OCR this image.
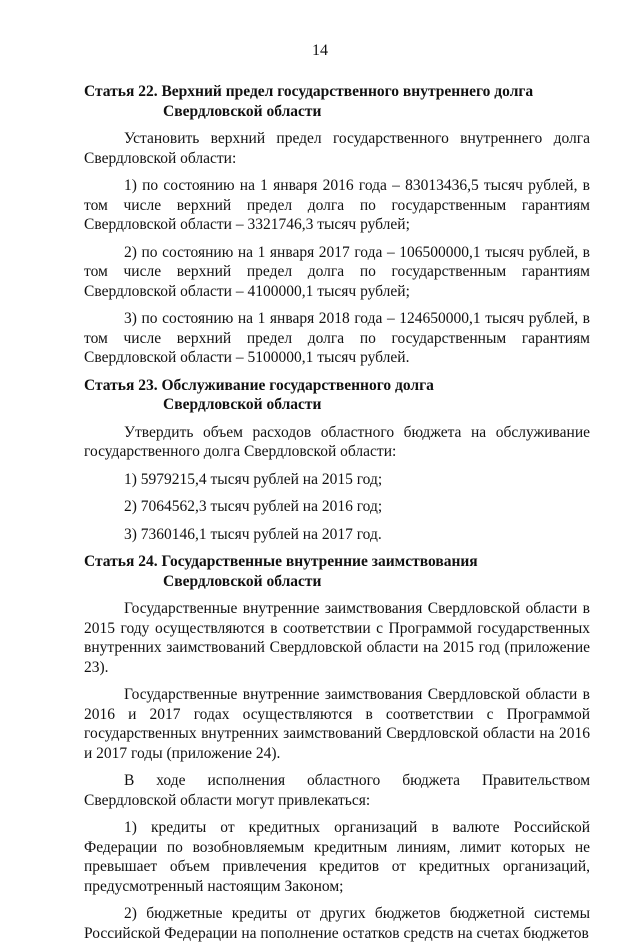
14

Статья 22. Верхний предел государственного внутреннего долга
Свердловской области

Установить верхний предел государственного внутреннего долга Свердловской области:

1) по состоянию на 1 января 2016 года – 83013436,5 тысяч рублей, в том числе верхний предел долга по государственным гарантиям Свердловской области – 3321746,3 тысяч рублей;

2) по состоянию на 1 января 2017 года – 106500000,1 тысяч рублей, в том числе верхний предел долга по государственным гарантиям Свердловской области – 4100000,1 тысяч рублей;

3) по состоянию на 1 января 2018 года – 124650000,1 тысяч рублей, в том числе верхний предел долга по государственным гарантиям Свердловской области – 5100000,1 тысяч рублей.

Статья 23. Обслуживание государственного долга
Свердловской области

Утвердить объем расходов областного бюджета на обслуживание государственного долга Свердловской области:

1) 5979215,4 тысяч рублей на 2015 год;

2) 7064562,3 тысяч рублей на 2016 год;

3) 7360146,1 тысяч рублей на 2017 год.

Статья 24. Государственные внутренние заимствования
Свердловской области

Государственные внутренние заимствования Свердловской области в 2015 году осуществляются в соответствии с Программой государственных внутренних заимствований Свердловской области на 2015 год (приложение 23).

Государственные внутренние заимствования Свердловской области в 2016 и 2017 годах осуществляются в соответствии с Программой государственных внутренних заимствований Свердловской области на 2016 и 2017 годы (приложение 24).

В ходе исполнения областного бюджета Правительством Свердловской области могут привлекаться:

1) кредиты от кредитных организаций в валюте Российской Федерации по возобновляемым кредитным линиям, лимит которых не превышает объем привлечения кредитов от кредитных организаций, предусмотренный настоящим Законом;

2) бюджетные кредиты от других бюджетов бюджетной системы Российской Федерации на пополнение остатков средств на счетах бюджетов
